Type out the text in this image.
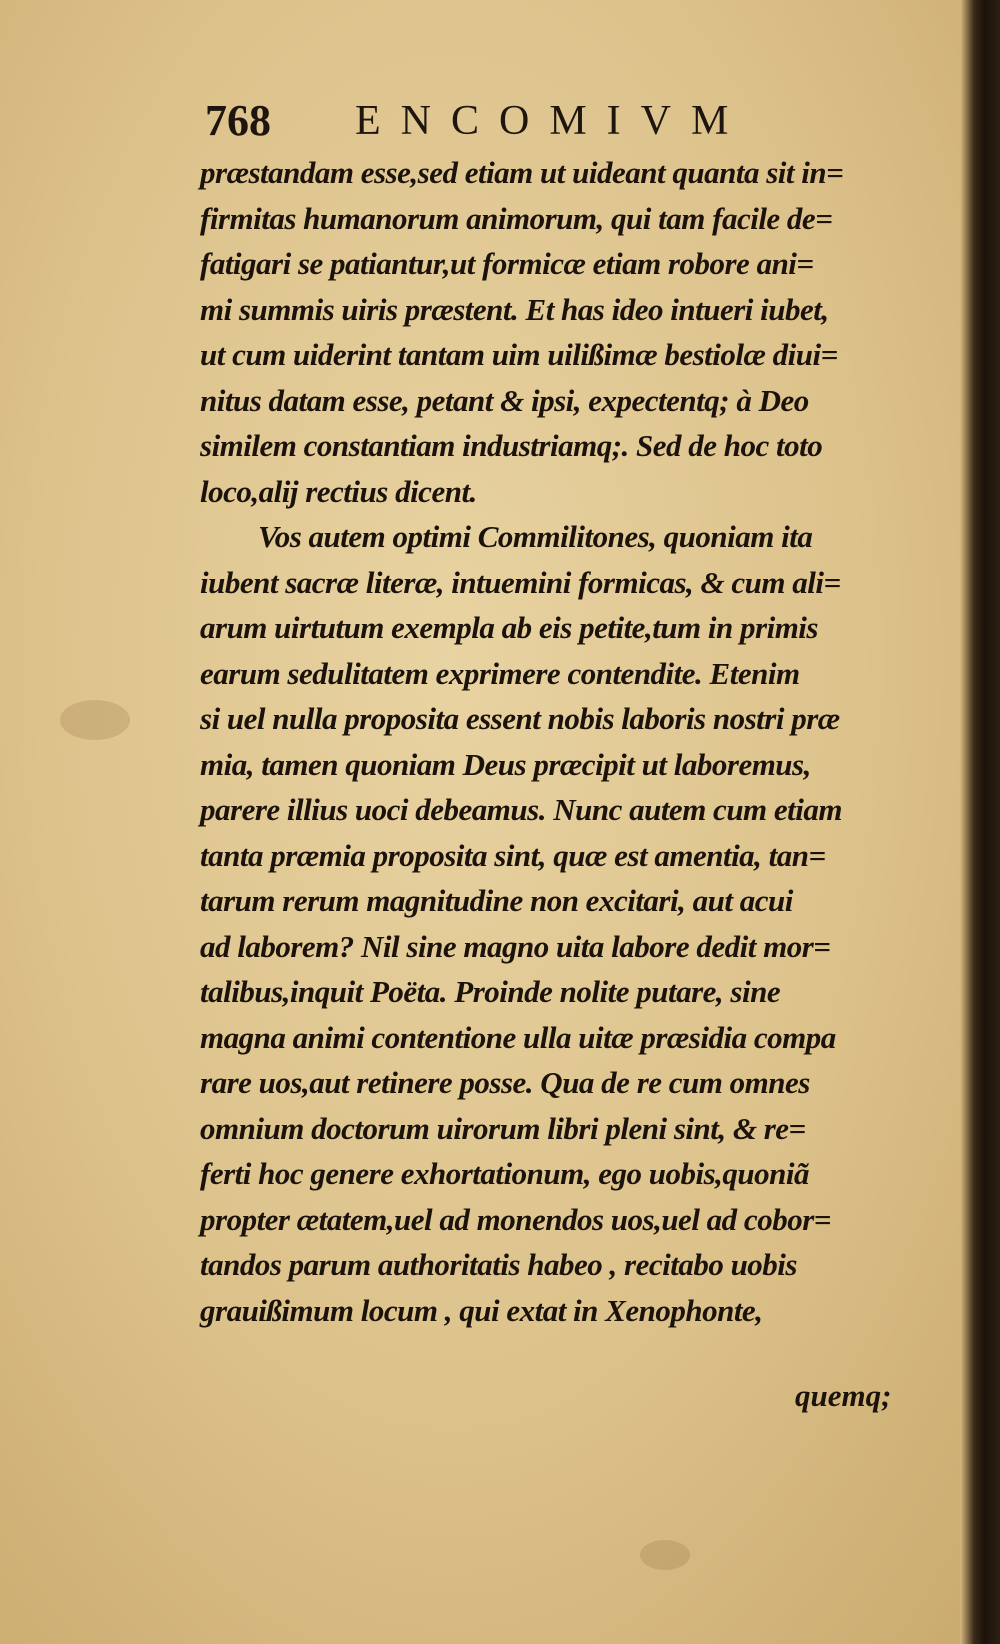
768 ENCOMIVM
præstandam esse,sed etiam ut uideant quanta sit in=
firmitas humanorum animorum, qui tam facile de=
fatigari se patiantur,ut formicæ etiam robore ani=
mi summis uiris præstent. Et has ideo intueri iubet,
ut cum uiderint tantam uim uilißimæ bestiolæ diui=
nitus datam esse, petant & ipsi, expectentq; à Deo
similem constantiam industriamq;. Sed de hoc toto
loco,alij rectius dicent.
Vos autem optimi Commilitones, quoniam ita
iubent sacræ literæ, intuemini formicas, & cum ali=
arum uirtutum exempla ab eis petite,tum in primis
earum sedulitatem exprimere contendite. Etenim
si uel nulla proposita essent nobis laboris nostri præ
mia, tamen quoniam Deus præcipit ut laboremus,
parere illius uoci debeamus. Nunc autem cum etiam
tanta præmia proposita sint, quæ est amentia, tan=
tarum rerum magnitudine non excitari, aut acui
ad laborem? Nil sine magno uita labore dedit mor=
talibus,inquit Poëta. Proinde nolite putare, sine
magna animi contentione ulla uitæ præsidia compa
rare uos,aut retinere posse. Qua de re cum omnes
omnium doctorum uirorum libri pleni sint, & re=
ferti hoc genere exhortationum, ego uobis,quoniã
propter ætatem,uel ad monendos uos,uel ad cobor=
tandos parum authoritatis habeo , recitabo uobis
grauißimum locum , qui extat in Xenophonte,
quemq;
